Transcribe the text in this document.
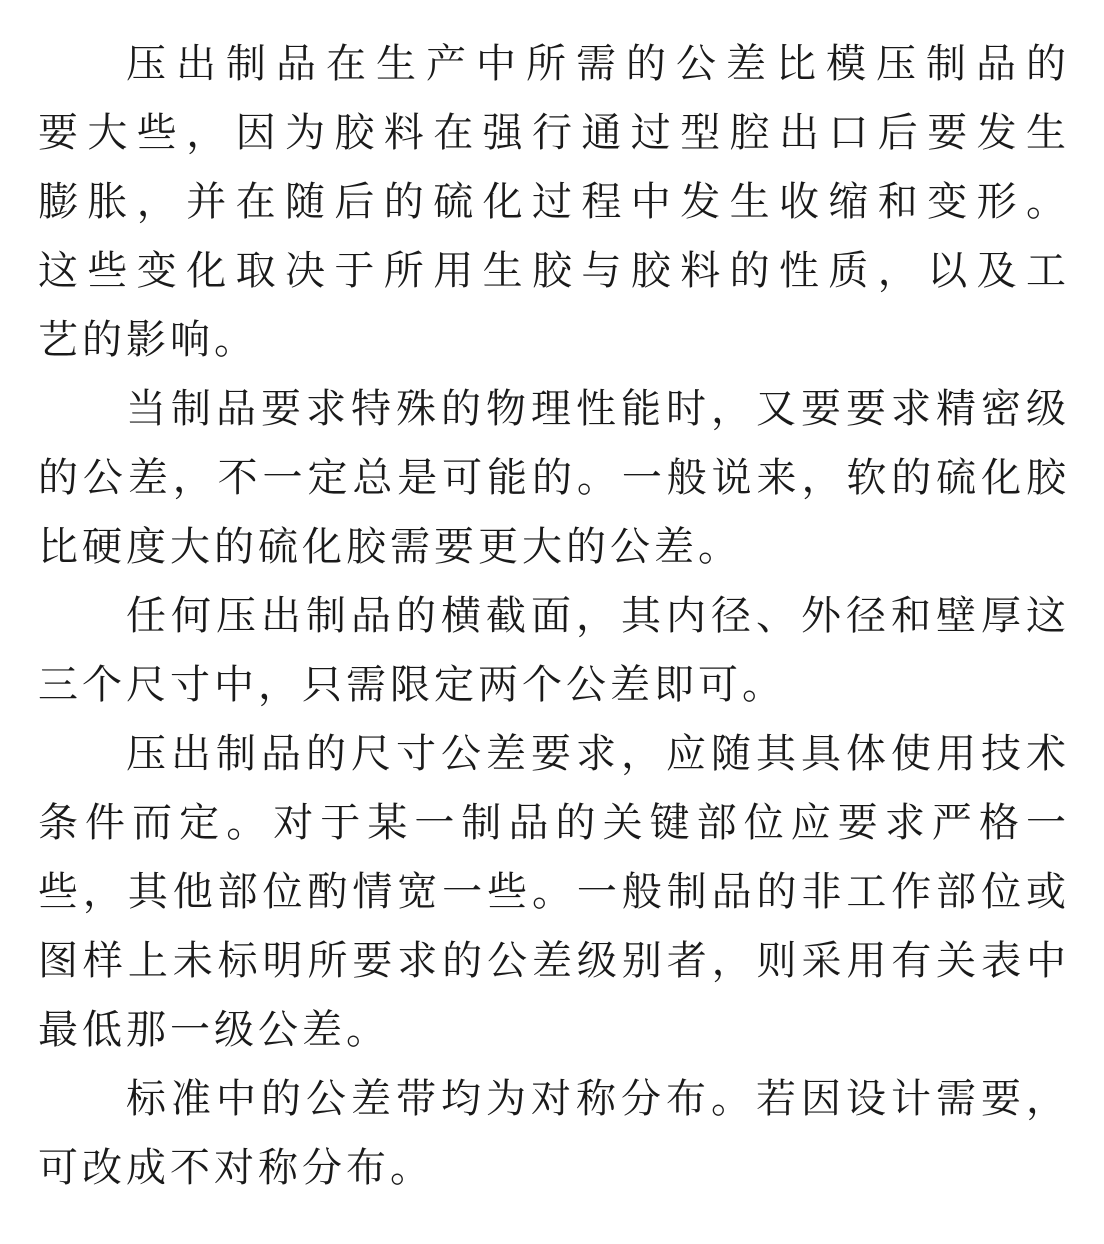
压出制品在生产中所需的公差比模压制品的
要大些，因为胶料在强行通过型腔出口后要发生
膨胀，并在随后的硫化过程中发生收缩和变形。
这些变化取决于所用生胶与胶料的性质，以及工
艺的影响。
当制品要求特殊的物理性能时，又要要求精密级
的公差，不一定总是可能的。一般说来，软的硫化胶
比硬度大的硫化胶需要更大的公差。
任何压出制品的横截面，其内径、外径和壁厚这
三个尺寸中，只需限定两个公差即可。
压出制品的尺寸公差要求，应随其具体使用技术
条件而定。对于某一制品的关键部位应要求严格一
些，其他部位酌情宽一些。一般制品的非工作部位或
图样上未标明所要求的公差级别者，则采用有关表中
最低那一级公差。
标准中的公差带均为对称分布。若因设计需要，
可改成不对称分布。
